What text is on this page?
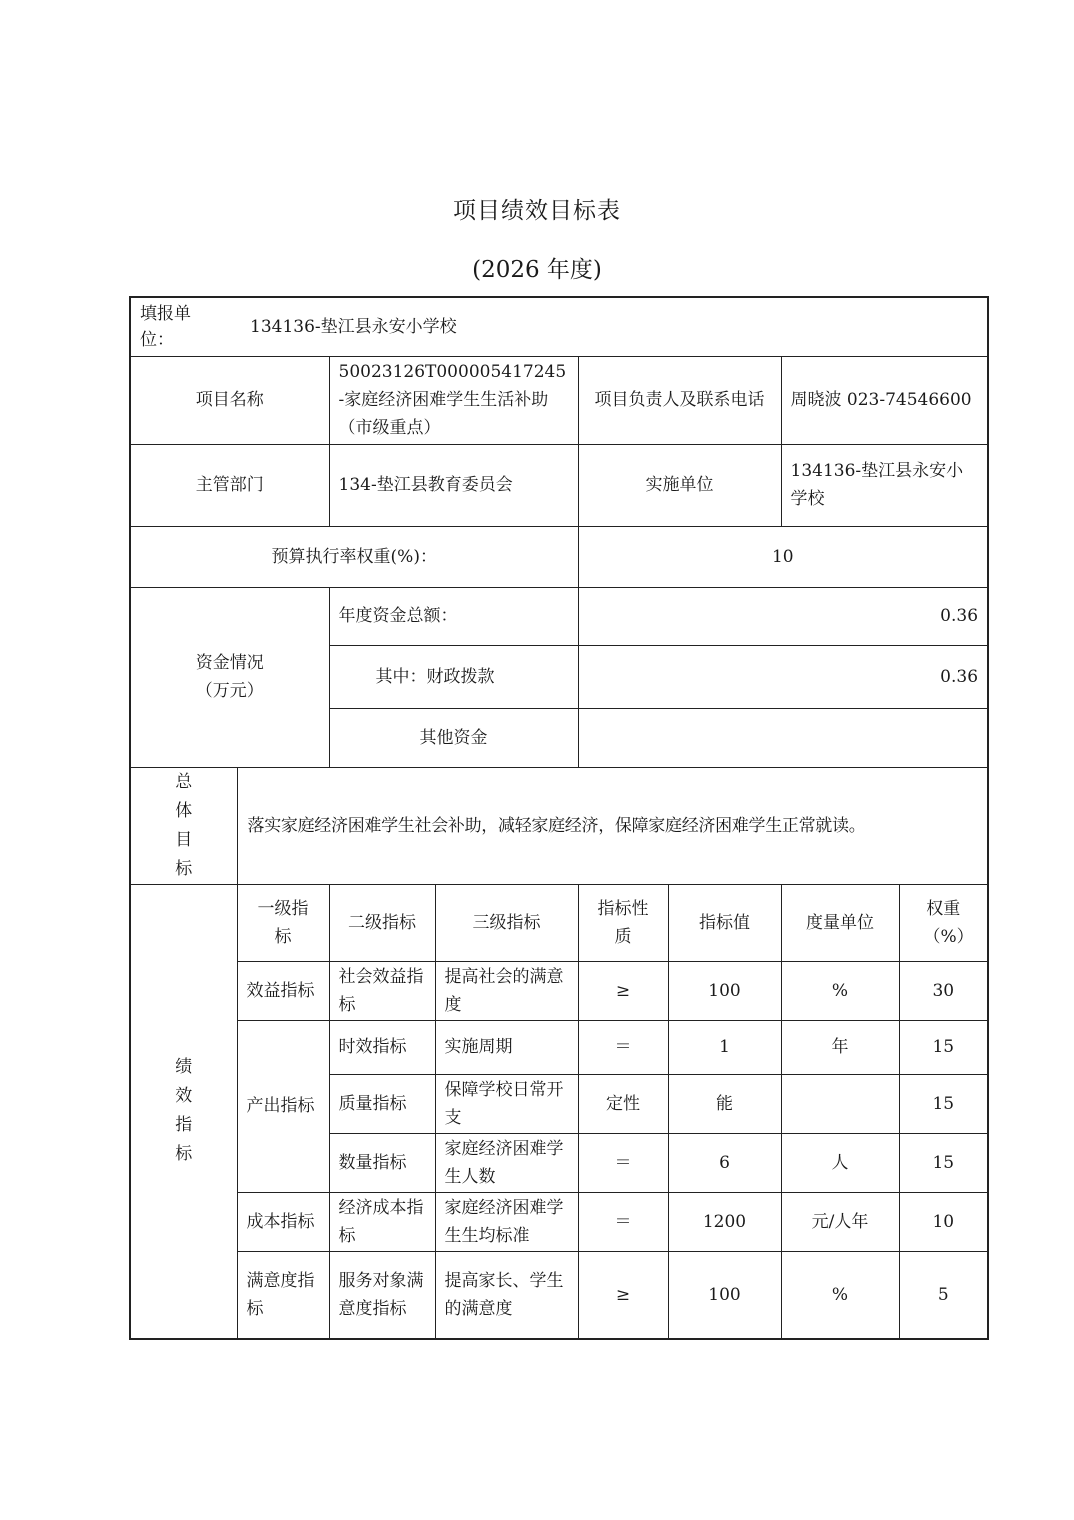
项目绩效目标表
(2026 年度)
填报单位：
134136-垫江县永安小学校							

项目名称		50023126T000005417245-家庭经济困难学生生活补助（市级重点）		项目负责人及联系电话		周晓波 023-74546600	
主管部门		134-垫江县教育委员会		实施单位		134136-垫江县永安小学校	
预算执行率权重(%)：				10			

资金情况
（万元）		年度资金总额：		0.36			
		其中：财政拨款		0.36			
		其他资金					

总
体
目
标	落实家庭经济困难学生社会补助，减轻家庭经济，保障家庭经济困难学生正常就读。						

绩
效
指
标	一级指标	二级指标	三级指标	指标性质	指标值	度量单位	权重（%）
	效益指标	社会效益指标	提高社会的满意度	≥	100	%	30
	产出指标	时效指标	实施周期	＝	1	年	15
		质量指标	保障学校日常开支	定性	能		15
		数量指标	家庭经济困难学生人数	＝	6	人	15
	成本指标	经济成本指标	家庭经济困难学生生均标准	＝	1200	元/人年	10
	满意度指标	服务对象满意度指标	提高家长、学生的满意度	≥	100	%	5
